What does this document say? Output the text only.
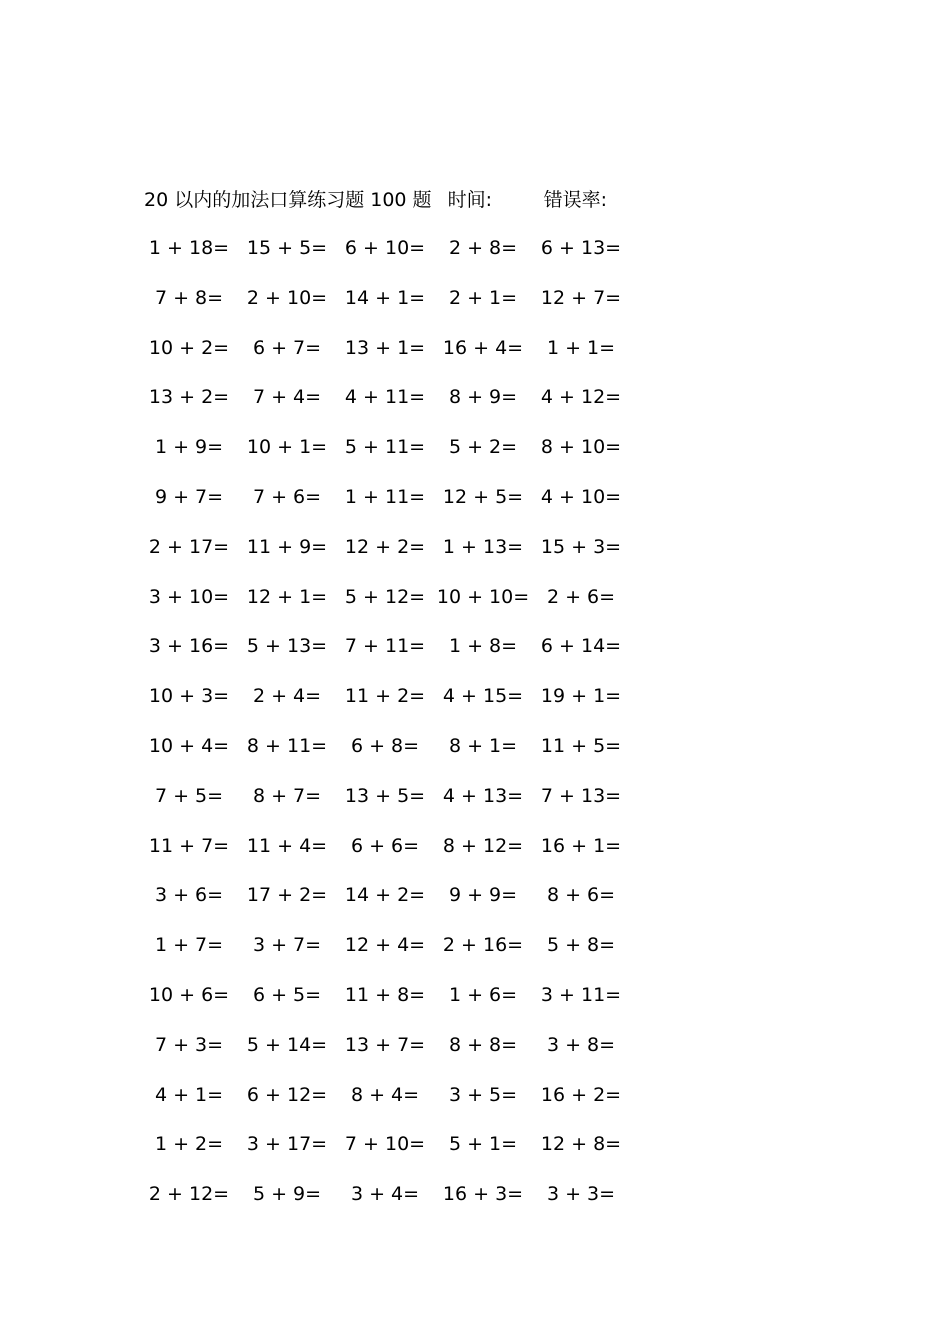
20 以内的加法口算练习题 100 题 时间:	错误率:
1 + 18= 15 + 5= 6 + 10=	2 + 8=	6 + 13=
7 + 8=	2 + 10= 14 + 1=	2 + 1=	12 + 7=
10 + 2=	6 + 7=	13 + 1= 16 + 4=	1 + 1=
13 + 2=	7 + 4=	4 + 11=	8 + 9=	4 + 12=
1 + 9=	10 + 1= 5 + 11=	5 + 2=	8 + 10=
9 + 7=	7 + 6=	1 + 11= 12 + 5= 4 + 10=
2 + 17= 11 + 9= 12 + 2= 1 + 13= 15 + 3=
3 + 10= 12 + 1= 5 + 12= 10 + 10= 2 + 6=
3 + 16= 5 + 13= 7 + 11=	1 + 8=	6 + 14=
10 + 3=	2 + 4=	11 + 2= 4 + 15= 19 + 1=
10 + 4= 8 + 11=	6 + 8=	8 + 1=	11 + 5=
7 + 5=	8 + 7=	13 + 5= 4 + 13= 7 + 13=
11 + 7= 11 + 4=	6 + 6=	8 + 12= 16 + 1=
3 + 6=	17 + 2= 14 + 2=	9 + 9=	8 + 6=
1 + 7=	3 + 7=	12 + 4= 2 + 16=	5 + 8=
10 + 6=	6 + 5=	11 + 8=	1 + 6=	3 + 11=
7 + 3=	5 + 14= 13 + 7=	8 + 8=	3 + 8=
4 + 1=	6 + 12=	8 + 4=	3 + 5=	16 + 2=
1 + 2=	3 + 17= 7 + 10=	5 + 1=	12 + 8=
2 + 12=	5 + 9=	3 + 4=	16 + 3=	3 + 3=
